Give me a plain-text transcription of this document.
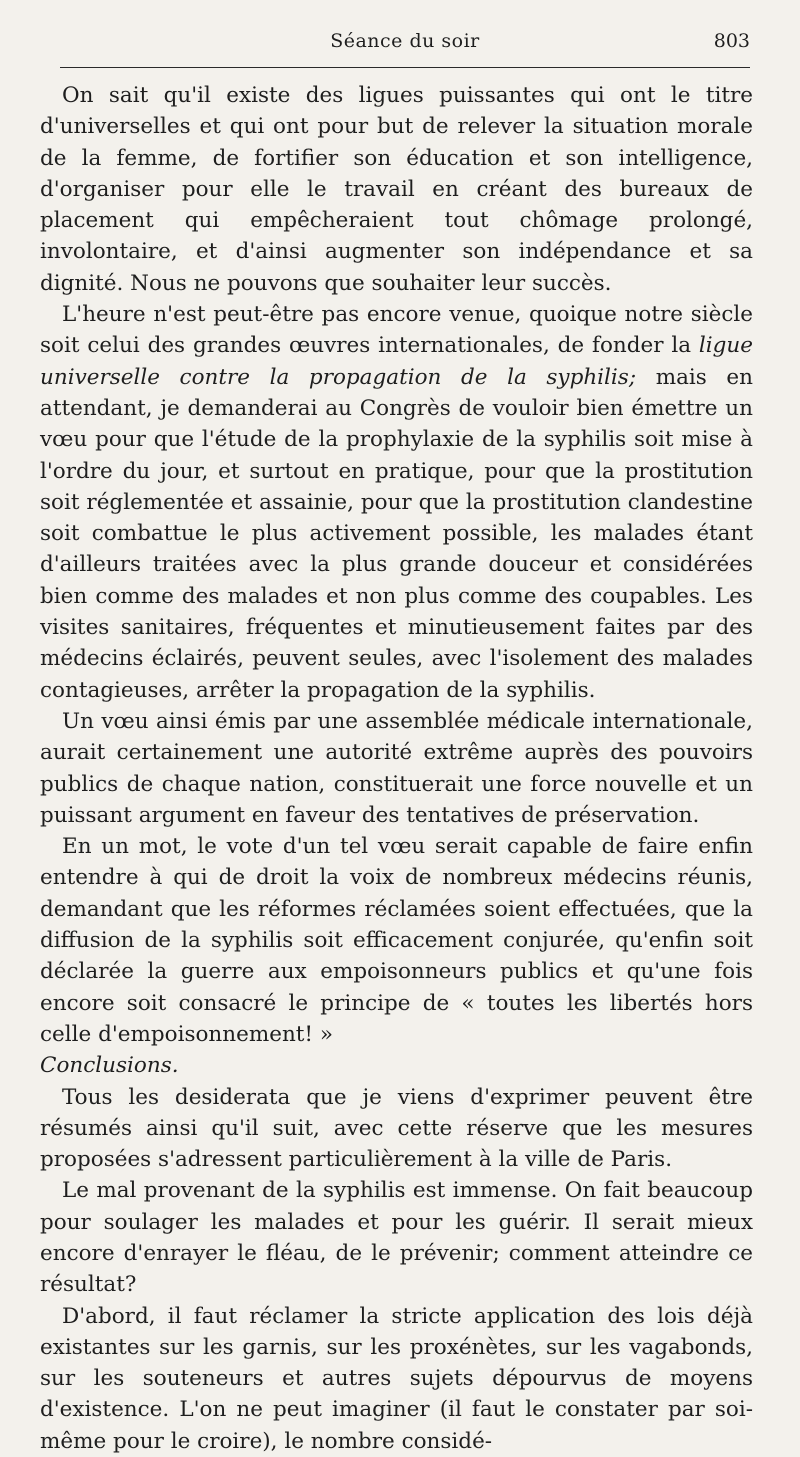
Séance du soir	803

On sait qu'il existe des ligues puissantes qui ont le titre d'universelles et qui ont pour but de relever la situation morale de la femme, de fortifier son éducation et son intelligence, d'organiser pour elle le travail en créant des bureaux de placement qui empêcheraient tout chômage prolongé, involontaire, et d'ainsi augmenter son indépendance et sa dignité. Nous ne pouvons que souhaiter leur succès.

L'heure n'est peut-être pas encore venue, quoique notre siècle soit celui des grandes œuvres internationales, de fonder la ligue universelle contre la propagation de la syphilis; mais en attendant, je demanderai au Congrès de vouloir bien émettre un vœu pour que l'étude de la prophylaxie de la syphilis soit mise à l'ordre du jour, et surtout en pratique, pour que la prostitution soit réglementée et assainie, pour que la prostitution clandestine soit combattue le plus activement possible, les malades étant d'ailleurs traitées avec la plus grande douceur et considérées bien comme des malades et non plus comme des coupables. Les visites sanitaires, fréquentes et minutieusement faites par des médecins éclairés, peuvent seules, avec l'isolement des malades contagieuses, arrêter la propagation de la syphilis.

Un vœu ainsi émis par une assemblée médicale internationale, aurait certainement une autorité extrême auprès des pouvoirs publics de chaque nation, constituerait une force nouvelle et un puissant argument en faveur des tentatives de préservation.

En un mot, le vote d'un tel vœu serait capable de faire enfin entendre à qui de droit la voix de nombreux médecins réunis, demandant que les réformes réclamées soient effectuées, que la diffusion de la syphilis soit efficacement conjurée, qu'enfin soit déclarée la guerre aux empoisonneurs publics et qu'une fois encore soit consacré le principe de « toutes les libertés hors celle d'empoisonnement! »

Conclusions.

Tous les desiderata que je viens d'exprimer peuvent être résumés ainsi qu'il suit, avec cette réserve que les mesures proposées s'adressent particulièrement à la ville de Paris.

Le mal provenant de la syphilis est immense. On fait beaucoup pour soulager les malades et pour les guérir. Il serait mieux encore d'enrayer le fléau, de le prévenir; comment atteindre ce résultat?

D'abord, il faut réclamer la stricte application des lois déjà existantes sur les garnis, sur les proxénètes, sur les vagabonds, sur les souteneurs et autres sujets dépourvus de moyens d'existence. L'on ne peut imaginer (il faut le constater par soi-même pour le croire), le nombre considé-
